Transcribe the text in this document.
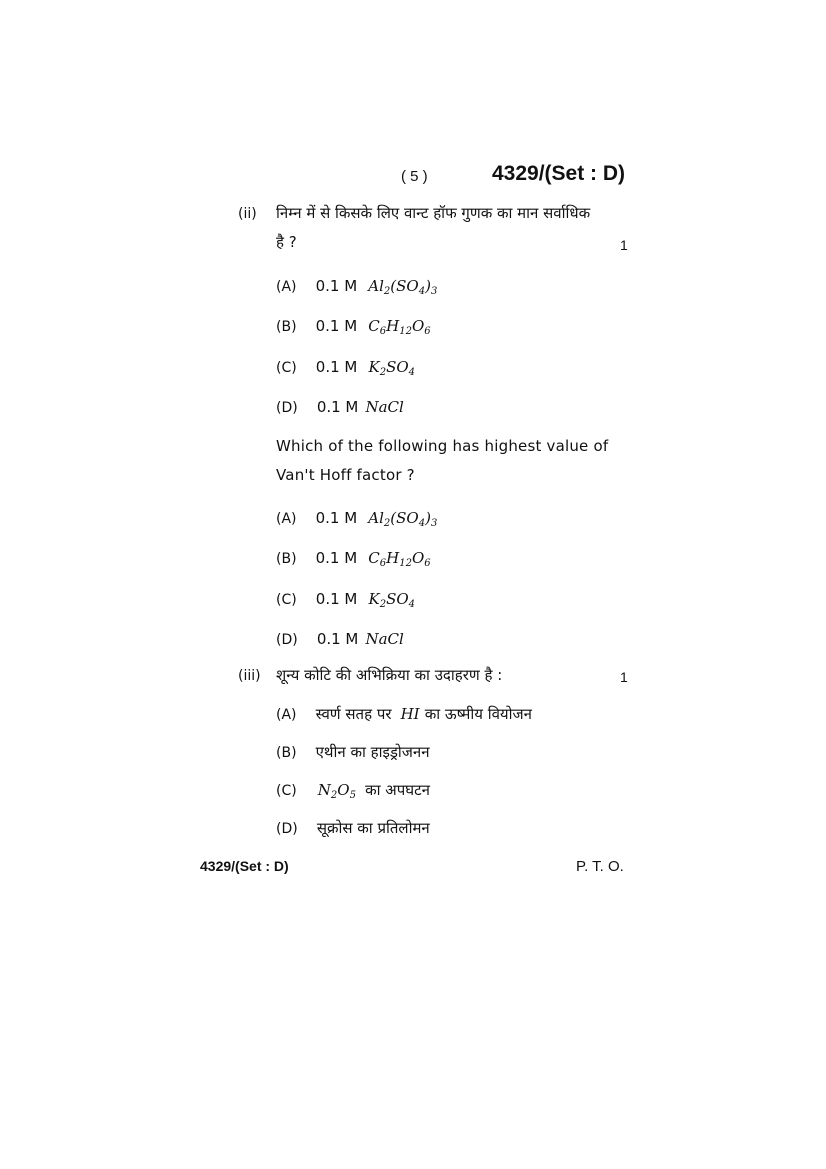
( 5 )	4329/(Set : D)
(ii) निम्न में से किसके लिए वान्ट हॉफ गुणक का मान सर्वाधिक
है ?	1
(A) 0.1 M $Al_2(SO_4)_3$
(B) 0.1 M $C_6H_{12}O_6$
(C) 0.1 M $K_2SO_4$
(D) 0.1 M NaCl
Which of the following has highest value of
Van't Hoff factor ?
(A) 0.1 M $Al_2(SO_4)_3$
(B) 0.1 M $C_6H_{12}O_6$
(C) 0.1 M $K_2SO_4$
(D) 0.1 M NaCl
(iii) शून्य कोटि की अभिक्रिया का उदाहरण है :	1
(A) स्वर्ण सतह पर HI का ऊष्मीय वियोजन
(B) एथीन का हाइड्रोजनन
(C) $N_2O_5$ का अपघटन
(D) सूक्रोस का प्रतिलोमन
4329/(Set : D)	P. T. O.
